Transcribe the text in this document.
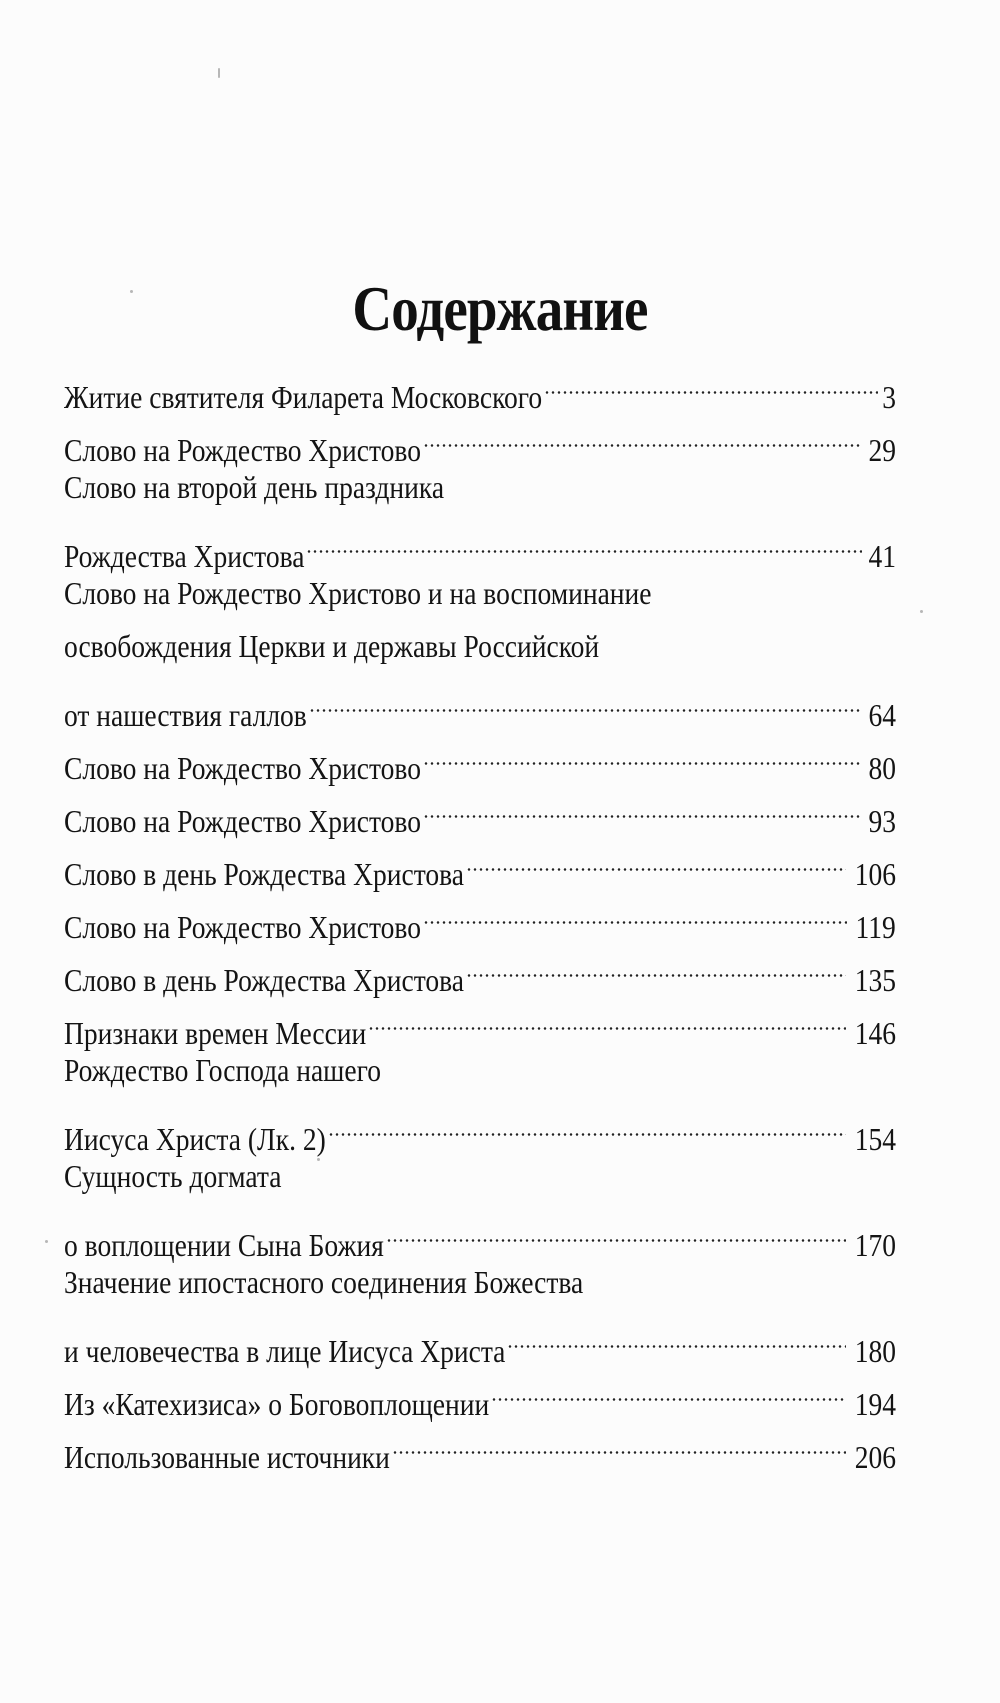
Содержание
Житие святителя Филарета Московского	3
Слово на Рождество Христово	29
Слово на второй день праздника
Рождества Христова	41
Слово на Рождество Христово и на воспоминание
освобождения Церкви и державы Российской
от нашествия галлов	64
Слово на Рождество Христово	80
Слово на Рождество Христово	93
Слово в день Рождества Христова	106
Слово на Рождество Христово	119
Слово в день Рождества Христова	135
Признаки времен Мессии	146
Рождество Господа нашего
Иисуса Христа (Лк. 2)	154
Сущность догмата
о воплощении Сына Божия	170
Значение ипостасного соединения Божества
и человечества в лице Иисуса Христа	180
Из «Катехизиса» о Боговоплощении	194
Использованные источники	206
